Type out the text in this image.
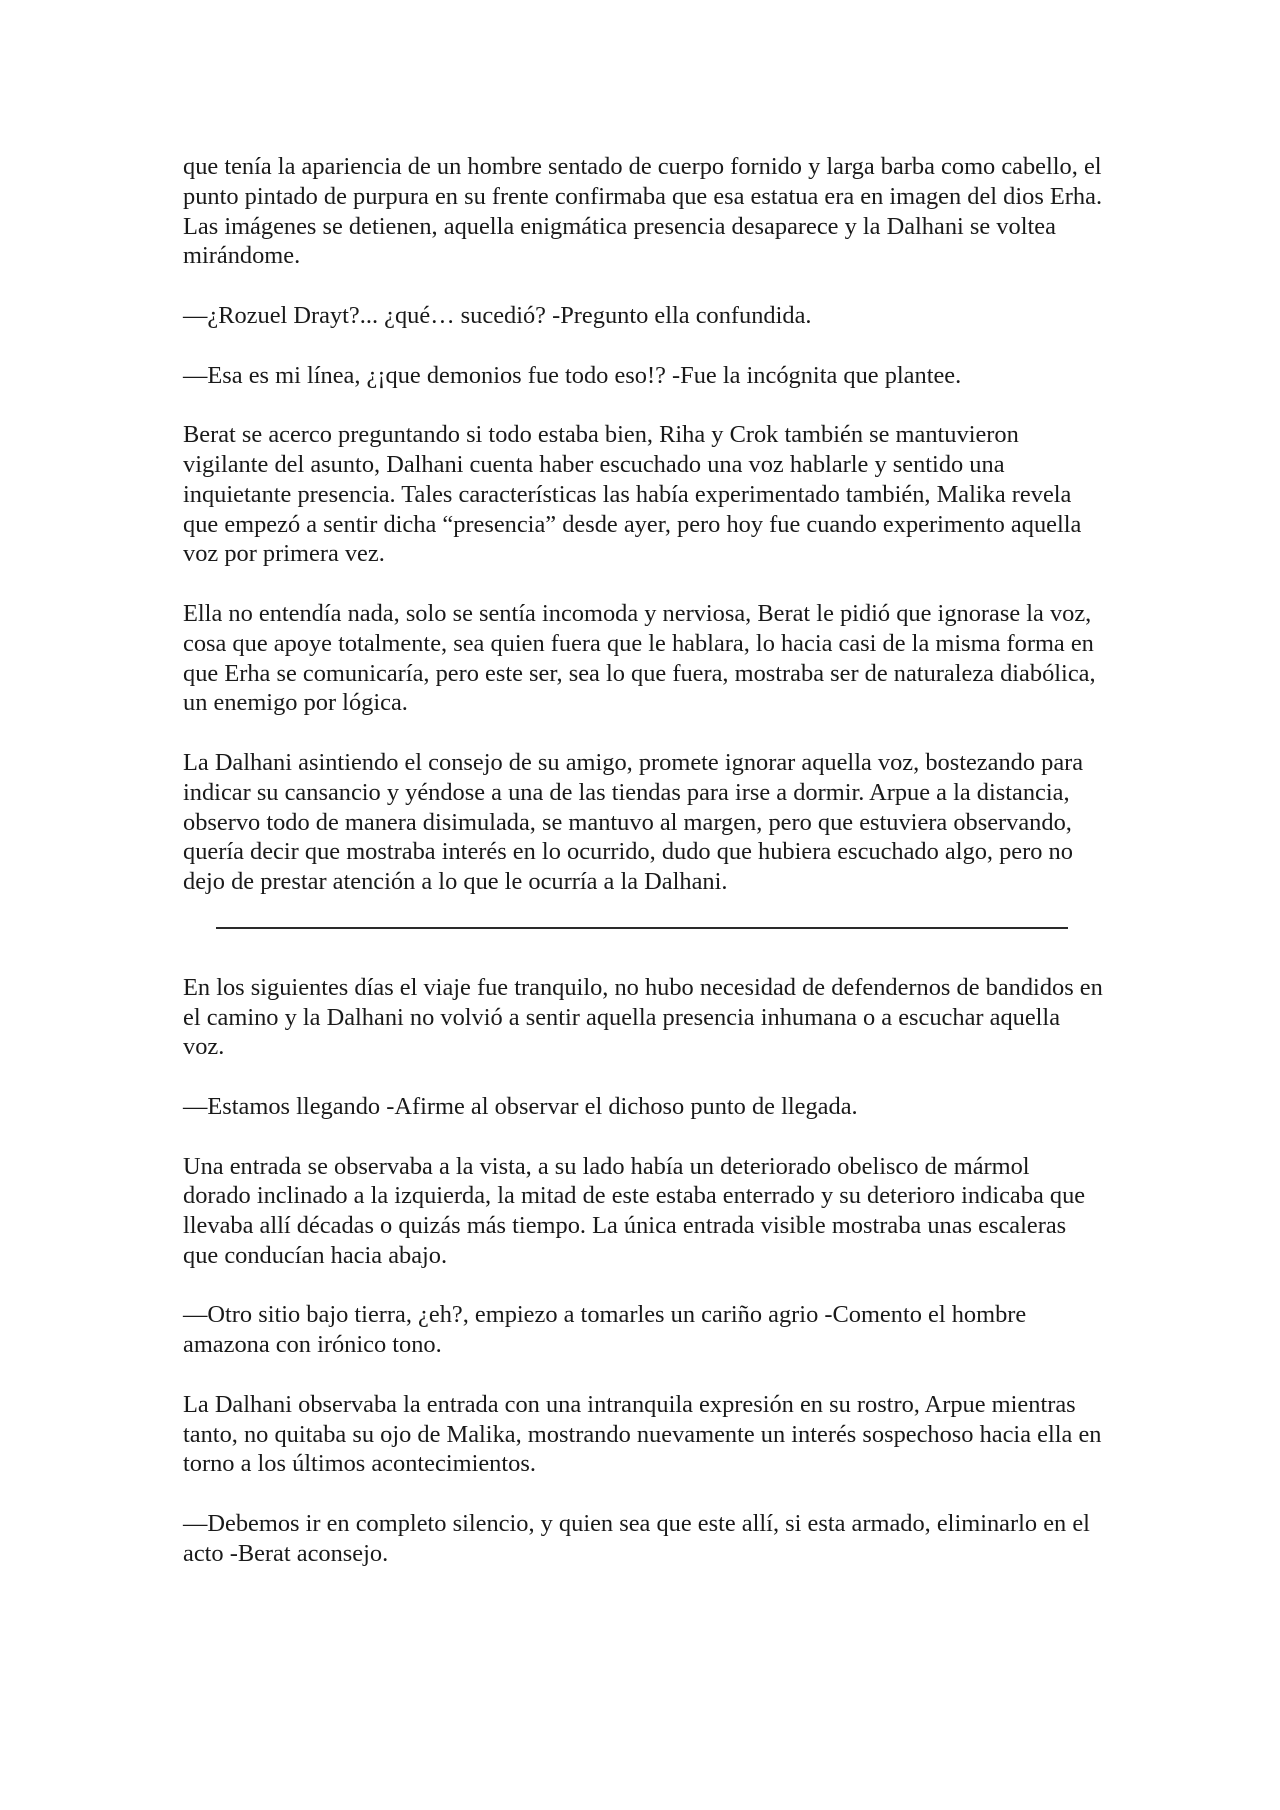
que tenía la apariencia de un hombre sentado de cuerpo fornido y larga barba como cabello, el punto pintado de purpura en su frente confirmaba que esa estatua era en imagen del dios Erha. Las imágenes se detienen, aquella enigmática presencia desaparece y la Dalhani se voltea mirándome.

—¿Rozuel Drayt?... ¿qué… sucedió? -Pregunto ella confundida.

—Esa es mi línea, ¿¡que demonios fue todo eso!? -Fue la incógnita que plantee.

Berat se acerco preguntando si todo estaba bien, Riha y Crok también se mantuvieron vigilante del asunto, Dalhani cuenta haber escuchado una voz hablarle y sentido una inquietante presencia. Tales características las había experimentado también, Malika revela que empezó a sentir dicha “presencia” desde ayer, pero hoy fue cuando experimento aquella voz por primera vez.

Ella no entendía nada, solo se sentía incomoda y nerviosa, Berat le pidió que ignorase la voz, cosa que apoye totalmente, sea quien fuera que le hablara, lo hacia casi de la misma forma en que Erha se comunicaría, pero este ser, sea lo que fuera, mostraba ser de naturaleza diabólica, un enemigo por lógica.

La Dalhani asintiendo el consejo de su amigo, promete ignorar aquella voz, bostezando para indicar su cansancio y yéndose a una de las tiendas para irse a dormir. Arpue a la distancia, observo todo de manera disimulada, se mantuvo al margen, pero que estuviera observando, quería decir que mostraba interés en lo ocurrido, dudo que hubiera escuchado algo, pero no dejo de prestar atención a lo que le ocurría a la Dalhani.

En los siguientes días el viaje fue tranquilo, no hubo necesidad de defendernos de bandidos en el camino y la Dalhani no volvió a sentir aquella presencia inhumana o a escuchar aquella voz.

—Estamos llegando -Afirme al observar el dichoso punto de llegada.

Una entrada se observaba a la vista, a su lado había un deteriorado obelisco de mármol dorado inclinado a la izquierda, la mitad de este estaba enterrado y su deterioro indicaba que llevaba allí décadas o quizás más tiempo. La única entrada visible mostraba unas escaleras que conducían hacia abajo.

—Otro sitio bajo tierra, ¿eh?, empiezo a tomarles un cariño agrio -Comento el hombre amazona con irónico tono.

La Dalhani observaba la entrada con una intranquila expresión en su rostro, Arpue mientras tanto, no quitaba su ojo de Malika, mostrando nuevamente un interés sospechoso hacia ella en torno a los últimos acontecimientos.

—Debemos ir en completo silencio, y quien sea que este allí, si esta armado, eliminarlo en el acto -Berat aconsejo.
